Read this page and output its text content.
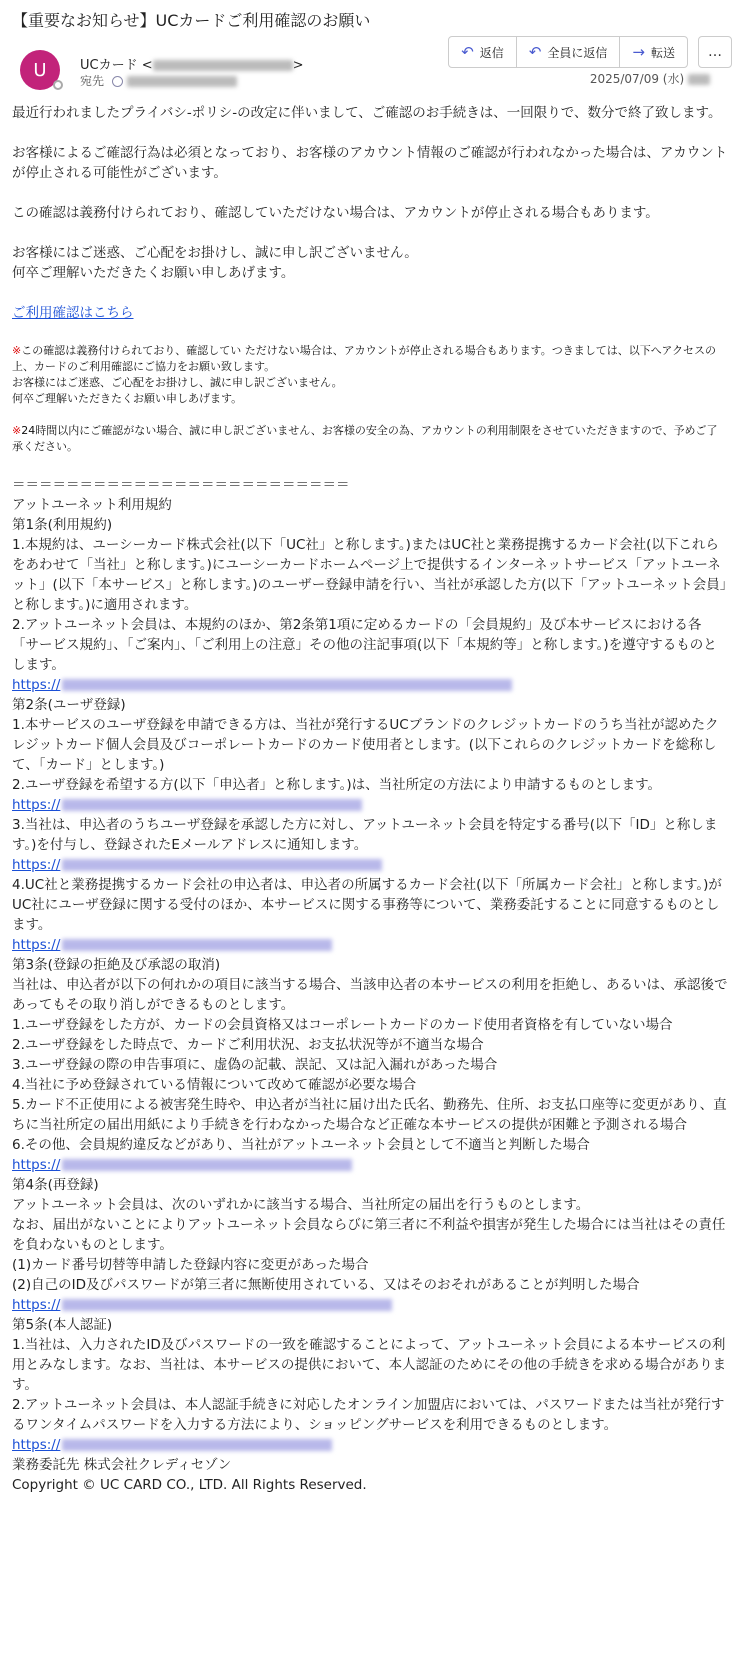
【重要なお知らせ】UCカードご利用確認のお願い
U	UCカード <	>
宛先
↶ 返信 ↶ 全員に返信 → 転送 …
2025/07/09 (水)

最近行われましたプライバシ-ポリシ-の改定に伴いまして、ご確認のお手続きは、一回限りで、数分で終了致します。

お客様によるご確認行為は必須となっており、お客様のアカウント情報のご確認が行われなかった場合は、アカウントが停止される可能性がございます。

この確認は義務付けられており、確認していただけない場合は、アカウントが停止される場合もあります。

お客様にはご迷惑、ご心配をお掛けし、誠に申し訳ございません。

何卒ご理解いただきたくお願い申しあげます。

ご利用確認はこちら

※この確認は義務付けられており、確認してい ただけない場合は、アカウントが停止される場合もあります。つきましては、以下へアクセスの上、カードのご利用確認にご協力をお願い致します。

お客様にはご迷惑、ご心配をお掛けし、誠に申し訳ございません。

何卒ご理解いただきたくお願い申しあげます。

※24時間以内にご確認がない場合、誠に申し訳ございません、お客様の安全の為、アカウントの利用制限をさせていただきますので、予めご了承ください。

＝＝＝＝＝＝＝＝＝＝＝＝＝＝＝＝＝＝＝＝＝＝＝＝＝

アットユーネット利用規約

第1条(利用規約)

1.本規約は、ユーシーカード株式会社(以下「UC社」と称します。)またはUC社と業務提携するカード会社(以下これらをあわせて「当社」と称します。)にユーシーカードホームページ上で提供するインターネットサービス「アットユーネット」(以下「本サービス」と称します。)のユーザー登録申請を行い、当社が承認した方(以下「アットユーネット会員」と称します。)に適用されます。

2.アットユーネット会員は、本規約のほか、第2条第1項に定めるカードの「会員規約」及び本サービスにおける各「サービス規約」、「ご案内」、「ご利用上の注意」その他の注記事項(以下「本規約等」と称します。)を遵守するものとします。

https://

第2条(ユーザ登録)

1.本サービスのユーザ登録を申請できる方は、当社が発行するUCブランドのクレジットカードのうち当社が認めたクレジットカード個人会員及びコーポレートカードのカード使用者とします。(以下これらのクレジットカードを総称して、「カード」とします。)

2.ユーザ登録を希望する方(以下「申込者」と称します。)は、当社所定の方法により申請するものとします。

https://

3.当社は、申込者のうちユーザ登録を承認した方に対し、アットユーネット会員を特定する番号(以下「ID」と称します。)を付与し、登録されたEメールアドレスに通知します。

https://

4.UC社と業務提携するカード会社の申込者は、申込者の所属するカード会社(以下「所属カード会社」と称します。)がUC社にユーザ登録に関する受付のほか、本サービスに関する事務等について、業務委託することに同意するものとします。

https://

第3条(登録の拒絶及び承認の取消)

当社は、申込者が以下の何れかの項目に該当する場合、当該申込者の本サービスの利用を拒絶し、あるいは、承認後であってもその取り消しができるものとします。

1.ユーザ登録をした方が、カードの会員資格又はコーポレートカードのカード使用者資格を有していない場合

2.ユーザ登録をした時点で、カードご利用状況、お支払状況等が不適当な場合

3.ユーザ登録の際の申告事項に、虚偽の記載、誤記、又は記入漏れがあった場合

4.当社に予め登録されている情報について改めて確認が必要な場合

5.カード不正使用による被害発生時や、申込者が当社に届け出た氏名、勤務先、住所、お支払口座等に変更があり、直ちに当社所定の届出用紙により手続きを行わなかった場合など正確な本サービスの提供が困難と予測される場合

6.その他、会員規約違反などがあり、当社がアットユーネット会員として不適当と判断した場合

https://

第4条(再登録)

アットユーネット会員は、次のいずれかに該当する場合、当社所定の届出を行うものとします。

なお、届出がないことによりアットユーネット会員ならびに第三者に不利益や損害が発生した場合には当社はその責任を負わないものとします。

(1)カード番号切替等申請した登録内容に変更があった場合

(2)自己のID及びパスワードが第三者に無断使用されている、又はそのおそれがあることが判明した場合

https://

第5条(本人認証)

1.当社は、入力されたID及びパスワードの一致を確認することによって、アットユーネット会員による本サービスの利用とみなします。なお、当社は、本サービスの提供において、本人認証のためにその他の手続きを求める場合があります。

2.アットユーネット会員は、本人認証手続きに対応したオンライン加盟店においては、パスワードまたは当社が発行するワンタイムパスワードを入力する方法により、ショッピングサービスを利用できるものとします。

https://

業務委託先 株式会社クレディセゾン

Copyright © UC CARD CO., LTD. All Rights Reserved.
